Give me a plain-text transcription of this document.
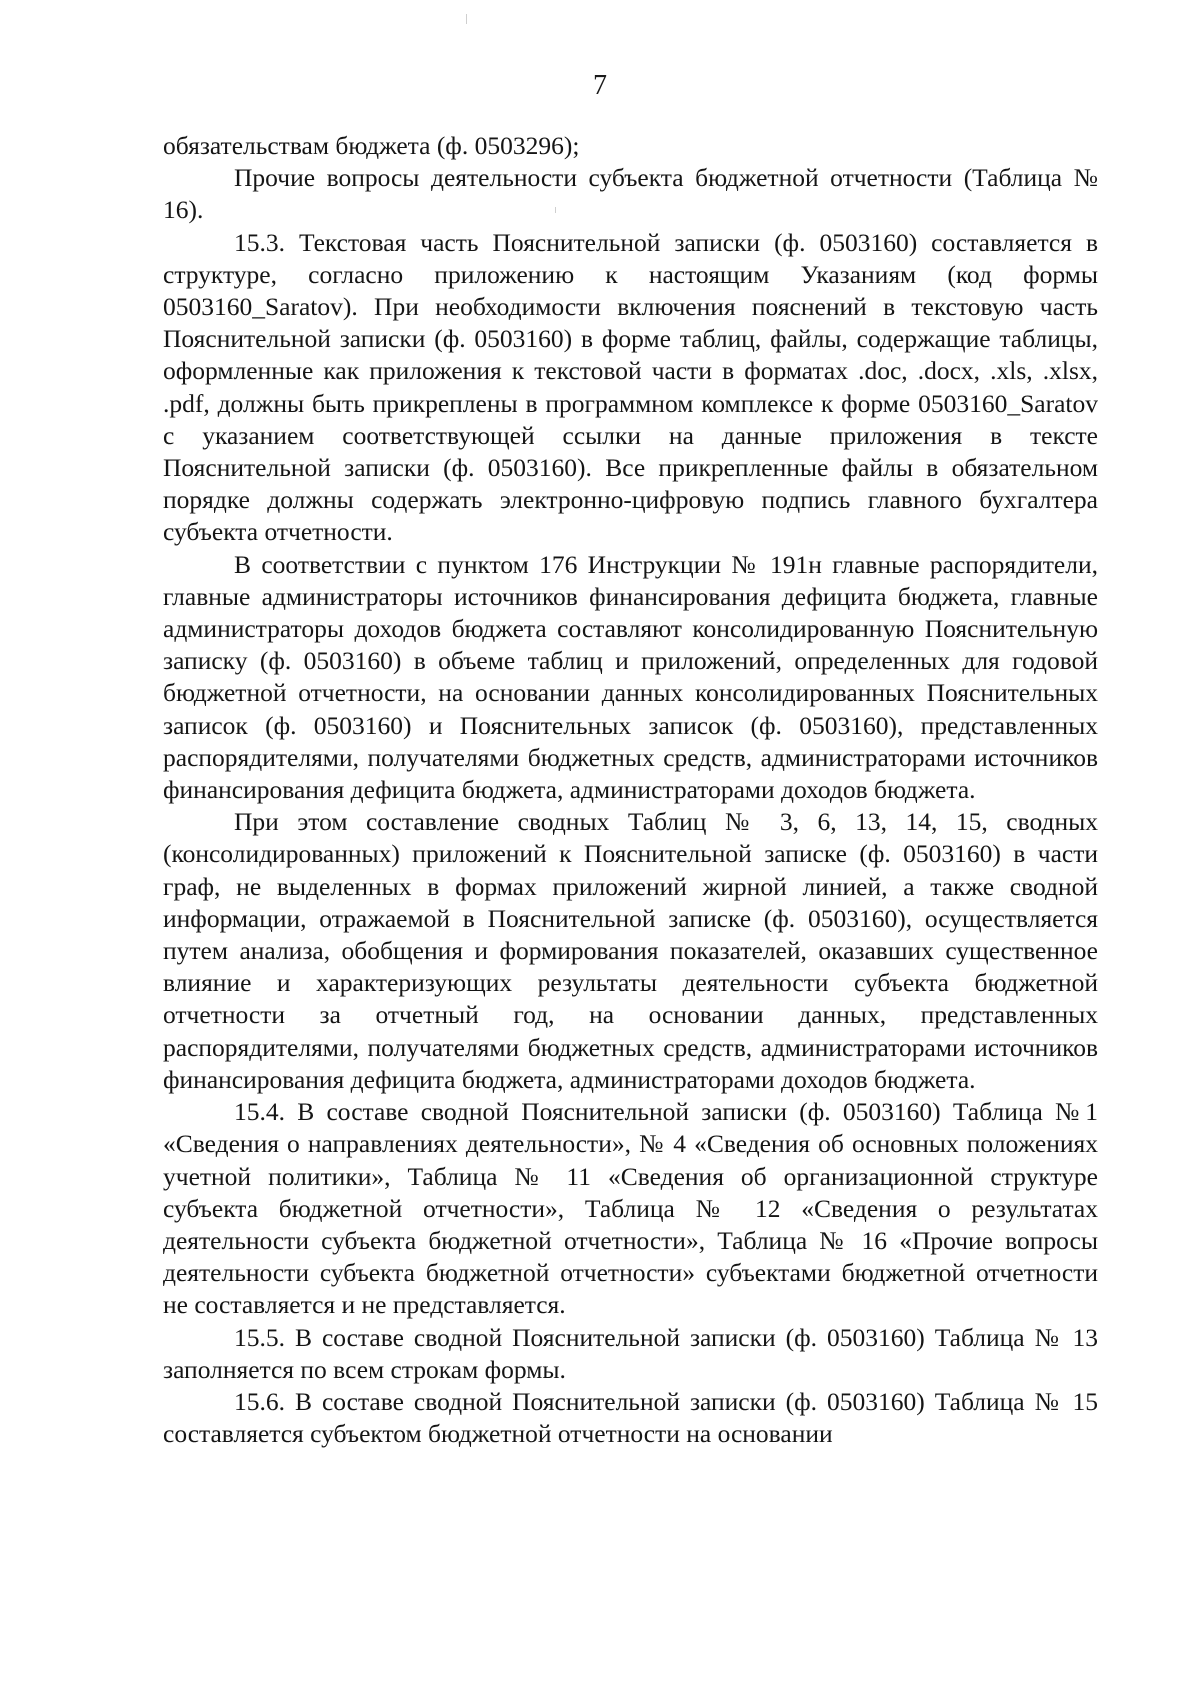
7

обязательствам бюджета (ф. 0503296);

Прочие вопросы деятельности субъекта бюджетной отчетности (Таблица № 16).

15.3. Текстовая часть Пояснительной записки (ф. 0503160) составляется в структуре, согласно приложению к настоящим Указаниям (код формы 0503160_Saratov). При необходимости включения пояснений в текстовую часть Пояснительной записки (ф. 0503160) в форме таблиц, файлы, содержащие таблицы, оформленные как приложения к текстовой части в форматах .doc, .docx, .xls, .xlsx, .pdf, должны быть прикреплены в программном комплексе к форме 0503160_Saratov с указанием соответствующей ссылки на данные приложения в тексте Пояснительной записки (ф. 0503160). Все прикрепленные файлы в обязательном порядке должны содержать электронно-цифровую подпись главного бухгалтера субъекта отчетности.

В соответствии с пунктом 176 Инструкции № 191н главные распорядители, главные администраторы источников финансирования дефицита бюджета, главные администраторы доходов бюджета составляют консолидированную Пояснительную записку (ф. 0503160) в объеме таблиц и приложений, определенных для годовой бюджетной отчетности, на основании данных консолидированных Пояснительных записок (ф. 0503160) и Пояснительных записок (ф. 0503160), представленных распорядителями, получателями бюджетных средств, администраторами источников финансирования дефицита бюджета, администраторами доходов бюджета.

При этом составление сводных Таблиц № 3, 6, 13, 14, 15, сводных (консолидированных) приложений к Пояснительной записке (ф. 0503160) в части граф, не выделенных в формах приложений жирной линией, а также сводной информации, отражаемой в Пояснительной записке (ф. 0503160), осуществляется путем анализа, обобщения и формирования показателей, оказавших существенное влияние и характеризующих результаты деятельности субъекта бюджетной отчетности за отчетный год, на основании данных, представленных распорядителями, получателями бюджетных средств, администраторами источников финансирования дефицита бюджета, администраторами доходов бюджета.

15.4. В составе сводной Пояснительной записки (ф. 0503160) Таблица №1 «Сведения о направлениях деятельности», № 4 «Сведения об основных положениях учетной политики», Таблица № 11 «Сведения об организационной структуре субъекта бюджетной отчетности», Таблица № 12 «Сведения о результатах деятельности субъекта бюджетной отчетности», Таблица № 16 «Прочие вопросы деятельности субъекта бюджетной отчетности» субъектами бюджетной отчетности не составляется и не представляется.

15.5. В составе сводной Пояснительной записки (ф. 0503160) Таблица № 13 заполняется по всем строкам формы.

15.6. В составе сводной Пояснительной записки (ф. 0503160) Таблица № 15 составляется субъектом бюджетной отчетности на основании
